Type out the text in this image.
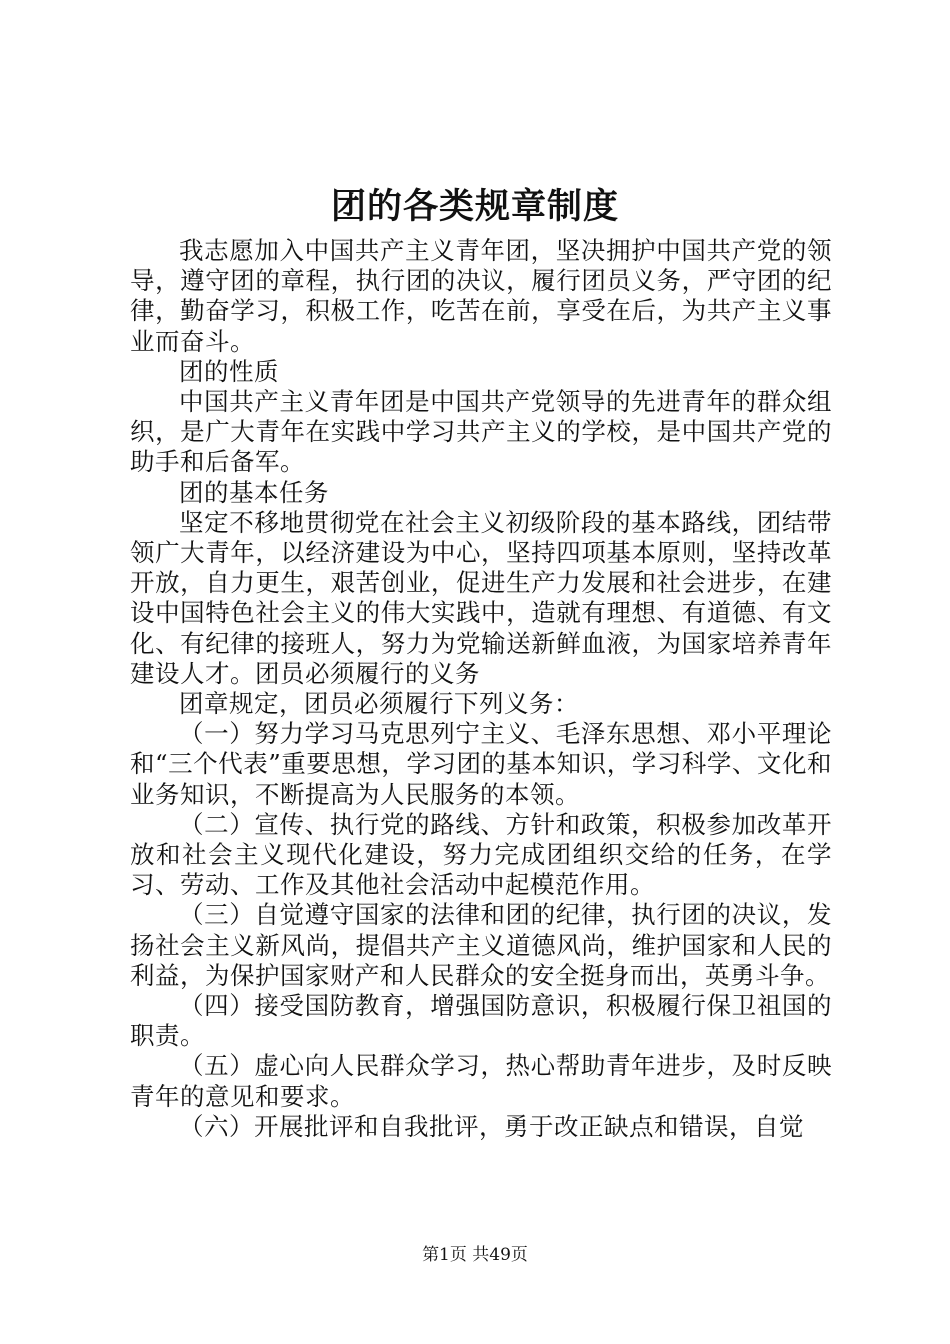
团的各类规章制度

我志愿加入中国共产主义青年团，坚决拥护中国共产党的领导，遵守团的章程，执行团的决议，履行团员义务，严守团的纪律，勤奋学习，积极工作，吃苦在前，享受在后，为共产主义事业而奋斗。

团的性质

中国共产主义青年团是中国共产党领导的先进青年的群众组织，是广大青年在实践中学习共产主义的学校，是中国共产党的助手和后备军。

团的基本任务

坚定不移地贯彻党在社会主义初级阶段的基本路线，团结带领广大青年，以经济建设为中心，坚持四项基本原则，坚持改革开放，自力更生，艰苦创业，促进生产力发展和社会进步，在建设中国特色社会主义的伟大实践中，造就有理想、有道德、有文化、有纪律的接班人，努力为党输送新鲜血液，为国家培养青年建设人才。团员必须履行的义务

团章规定，团员必须履行下列义务：

（一）努力学习马克思列宁主义、毛泽东思想、邓小平理论和“三个代表”重要思想，学习团的基本知识，学习科学、文化和业务知识，不断提高为人民服务的本领。

（二）宣传、执行党的路线、方针和政策，积极参加改革开放和社会主义现代化建设，努力完成团组织交给的任务，在学习、劳动、工作及其他社会活动中起模范作用。

（三）自觉遵守国家的法律和团的纪律，执行团的决议，发扬社会主义新风尚，提倡共产主义道德风尚，维护国家和人民的利益，为保护国家财产和人民群众的安全挺身而出，英勇斗争。

（四）接受国防教育，增强国防意识，积极履行保卫祖国的职责。

（五）虚心向人民群众学习，热心帮助青年进步，及时反映青年的意见和要求。

（六）开展批评和自我批评，勇于改正缺点和错误，自觉

第1页 共49页
